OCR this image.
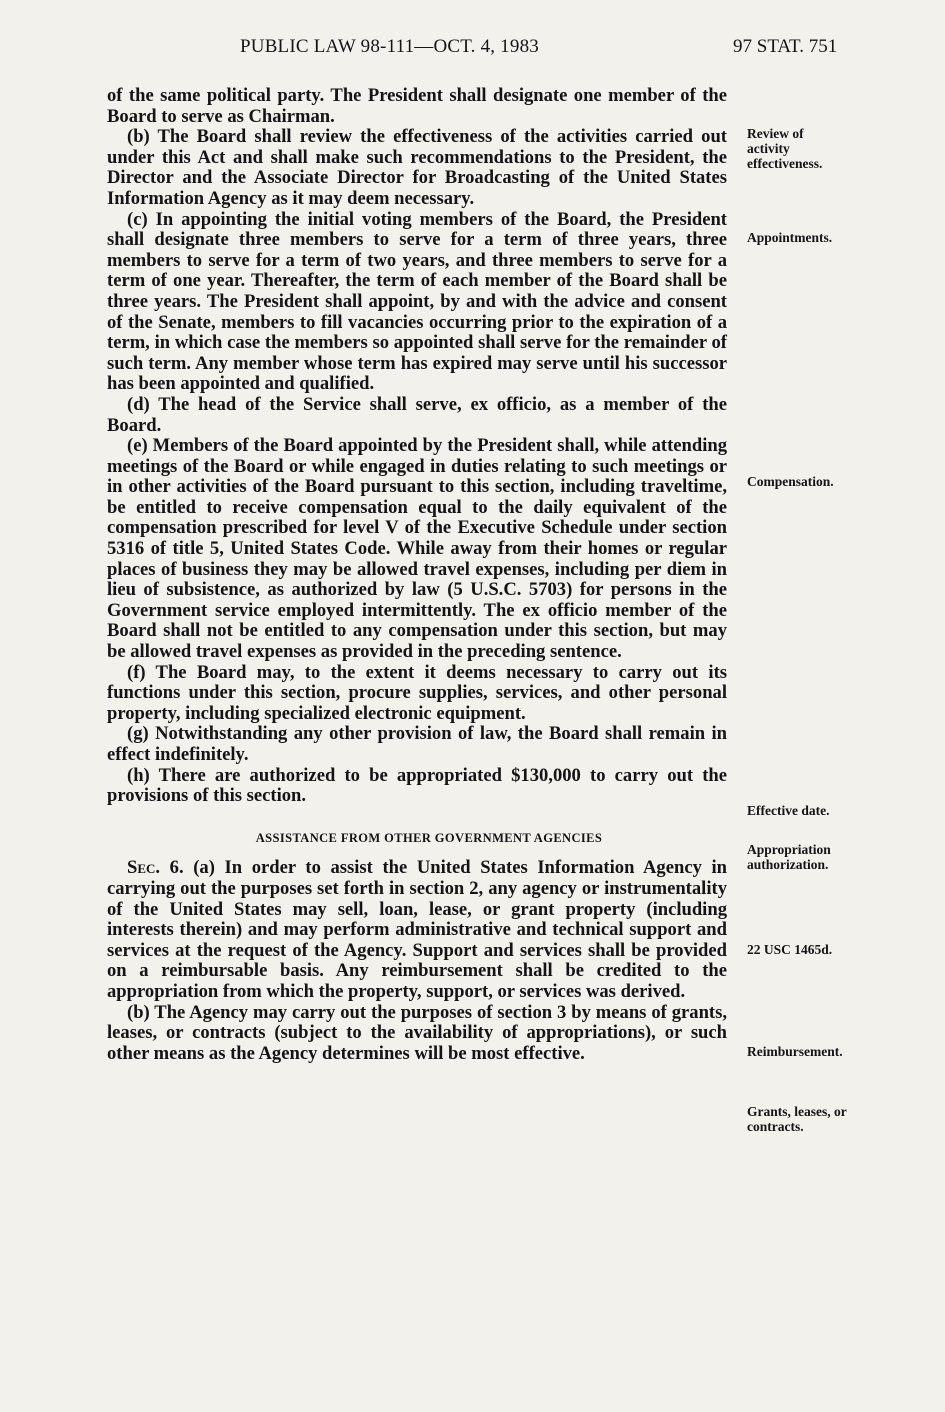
PUBLIC LAW 98-111—OCT. 4, 1983	97 STAT. 751

of the same political party. The President shall designate one member of the Board to serve as Chairman.

(b) The Board shall review the effectiveness of the activities carried out under this Act and shall make such recommendations to the President, the Director and the Associate Director for Broadcasting of the United States Information Agency as it may deem necessary.

(c) In appointing the initial voting members of the Board, the President shall designate three members to serve for a term of three years, three members to serve for a term of two years, and three members to serve for a term of one year. Thereafter, the term of each member of the Board shall be three years. The President shall appoint, by and with the advice and consent of the Senate, members to fill vacancies occurring prior to the expiration of a term, in which case the members so appointed shall serve for the remainder of such term. Any member whose term has expired may serve until his successor has been appointed and qualified.

(d) The head of the Service shall serve, ex officio, as a member of the Board.

(e) Members of the Board appointed by the President shall, while attending meetings of the Board or while engaged in duties relating to such meetings or in other activities of the Board pursuant to this section, including traveltime, be entitled to receive compensation equal to the daily equivalent of the compensation prescribed for level V of the Executive Schedule under section 5316 of title 5, United States Code. While away from their homes or regular places of business they may be allowed travel expenses, including per diem in lieu of subsistence, as authorized by law (5 U.S.C. 5703) for persons in the Government service employed intermittently. The ex officio member of the Board shall not be entitled to any compensation under this section, but may be allowed travel expenses as provided in the preceding sentence.

(f) The Board may, to the extent it deems necessary to carry out its functions under this section, procure supplies, services, and other personal property, including specialized electronic equipment.

(g) Notwithstanding any other provision of law, the Board shall remain in effect indefinitely.

(h) There are authorized to be appropriated $130,000 to carry out the provisions of this section.

ASSISTANCE FROM OTHER GOVERNMENT AGENCIES

Sec. 6. (a) In order to assist the United States Information Agency in carrying out the purposes set forth in section 2, any agency or instrumentality of the United States may sell, loan, lease, or grant property (including interests therein) and may perform administrative and technical support and services at the request of the Agency. Support and services shall be provided on a reimbursable basis. Any reimbursement shall be credited to the appropriation from which the property, support, or services was derived.

(b) The Agency may carry out the purposes of section 3 by means of grants, leases, or contracts (subject to the availability of appropriations), or such other means as the Agency determines will be most effective.

Review of activity effectiveness.
Appointments.
Compensation.
Effective date.
Appropriation authorization.
22 USC 1465d.
Reimbursement.
Grants, leases, or contracts.
